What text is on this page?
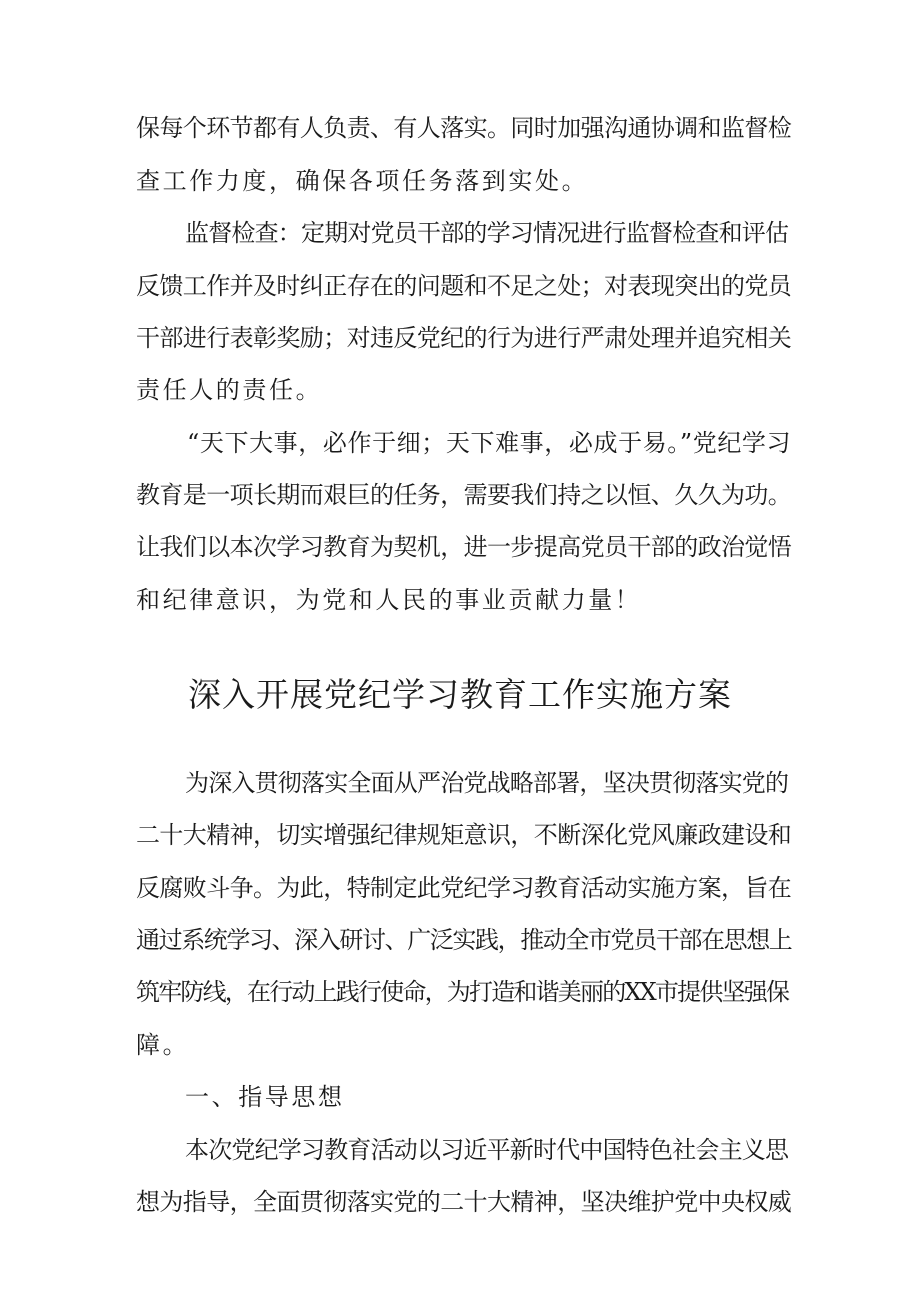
保每个环节都有人负责、有人落实。同时加强沟通协调和监督检
查工作力度，确保各项任务落到实处。
监督检查：定期对党员干部的学习情况进行监督检查和评估
反馈工作并及时纠正存在的问题和不足之处；对表现突出的党员
干部进行表彰奖励；对违反党纪的行为进行严肃处理并追究相关
责任人的责任。
“天下大事，必作于细；天下难事，必成于易。”党纪学习
教育是一项长期而艰巨的任务，需要我们持之以恒、久久为功。
让我们以本次学习教育为契机，进一步提高党员干部的政治觉悟
和纪律意识，为党和人民的事业贡献力量！
深入开展党纪学习教育工作实施方案
为深入贯彻落实全面从严治党战略部署，坚决贯彻落实党的
二十大精神，切实增强纪律规矩意识，不断深化党风廉政建设和
反腐败斗争。为此，特制定此党纪学习教育活动实施方案，旨在
通过系统学习、深入研讨、广泛实践，推动全市党员干部在思想上
筑牢防线，在行动上践行使命，为打造和谐美丽的XX市提供坚强保
障。
一、指导思想
本次党纪学习教育活动以习近平新时代中国特色社会主义思
想为指导，全面贯彻落实党的二十大精神，坚决维护党中央权威
